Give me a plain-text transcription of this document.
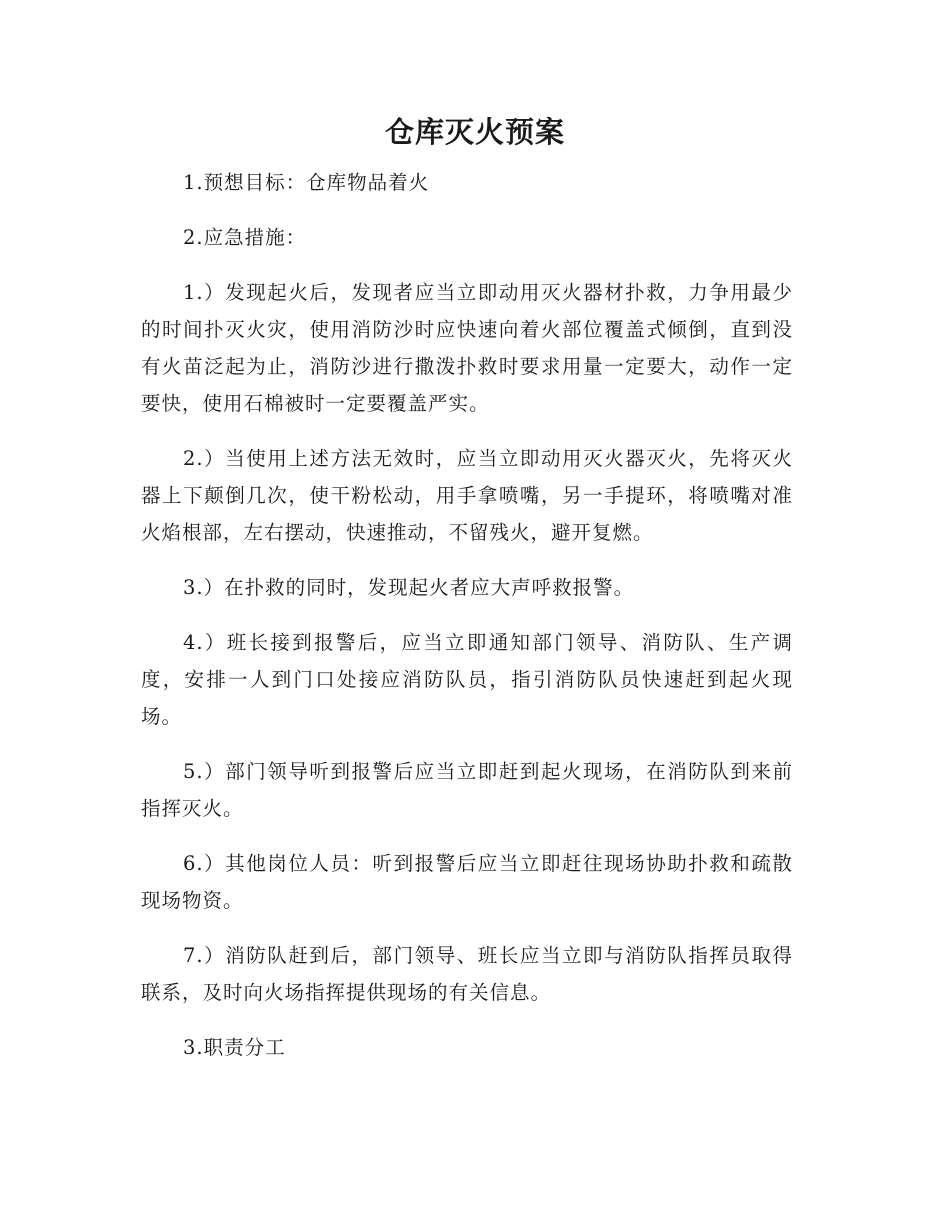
仓库灭火预案

1.预想目标：仓库物品着火

2.应急措施：

1.）发现起火后，发现者应当立即动用灭火器材扑救，力争用最少的时间扑灭火灾，使用消防沙时应快速向着火部位覆盖式倾倒，直到没有火苗泛起为止，消防沙进行撒泼扑救时要求用量一定要大，动作一定要快，使用石棉被时一定要覆盖严实。

2.）当使用上述方法无效时，应当立即动用灭火器灭火，先将灭火器上下颠倒几次，使干粉松动，用手拿喷嘴，另一手提环，将喷嘴对准火焰根部，左右摆动，快速推动，不留残火，避开复燃。

3.）在扑救的同时，发现起火者应大声呼救报警。

4.）班长接到报警后，应当立即通知部门领导、消防队、生产调度，安排一人到门口处接应消防队员，指引消防队员快速赶到起火现场。

5.）部门领导听到报警后应当立即赶到起火现场，在消防队到来前指挥灭火。

6.）其他岗位人员：听到报警后应当立即赶往现场协助扑救和疏散现场物资。

7.）消防队赶到后，部门领导、班长应当立即与消防队指挥员取得联系，及时向火场指挥提供现场的有关信息。

3.职责分工
